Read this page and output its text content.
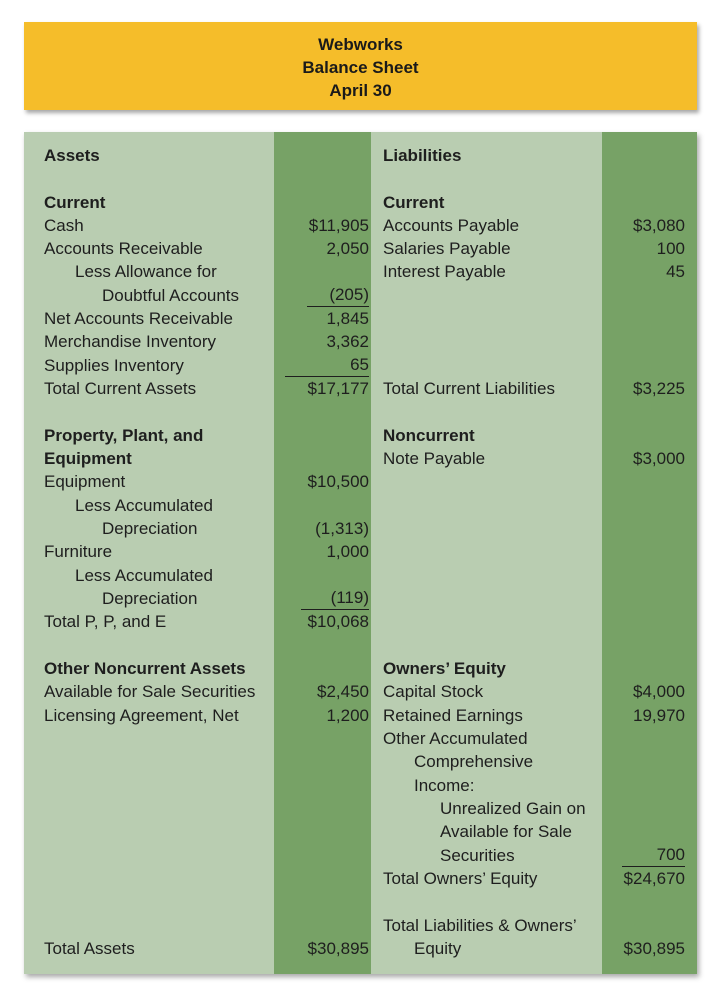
Webworks
Balance Sheet
April 30
Assets
Current
Cash	$11,905
Accounts Receivable	2,050
Less Allowance for
Doubtful Accounts	(205)
Net Accounts Receivable	1,845
Merchandise Inventory	3,362
Supplies Inventory	65
Total Current Assets	$17,177
Property, Plant, and
Equipment
Equipment	$10,500
Less Accumulated
Depreciation	(1,313)
Furniture	1,000
Less Accumulated
Depreciation	(119)
Total P, P, and E	$10,068
Other Noncurrent Assets
Available for Sale Securities	$2,450
Licensing Agreement, Net	1,200
Total Assets	$30,895
Liabilities
Current
Accounts Payable	$3,080
Salaries Payable	100
Interest Payable	45
Total Current Liabilities	$3,225
Noncurrent
Note Payable	$3,000
Owners’ Equity
Capital Stock	$4,000
Retained Earnings	19,970
Other Accumulated
Comprehensive
Income:
Unrealized Gain on
Available for Sale
Securities	700
Total Owners’ Equity	$24,670
Total Liabilities & Owners’
Equity	$30,895
